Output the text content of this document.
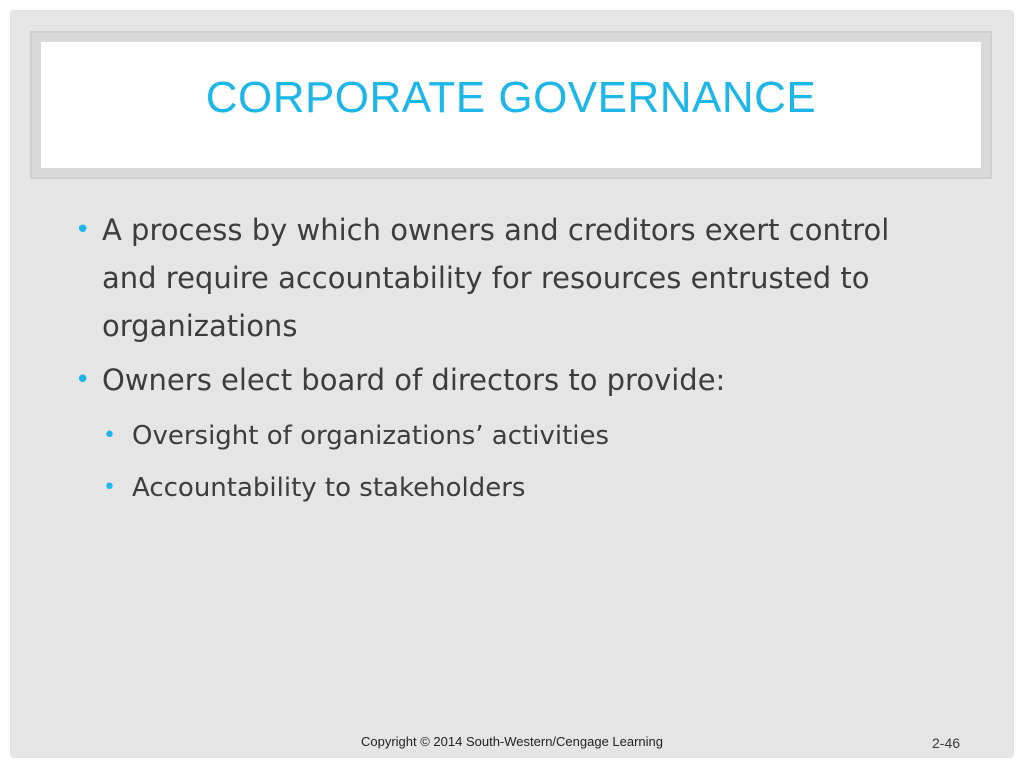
CORPORATE GOVERNANCE
• A process by which owners and creditors exert control and require accountability for resources entrusted to organizations
• Owners elect board of directors to provide:
• Oversight of organizations’ activities
• Accountability to stakeholders
Copyright © 2014 South-Western/Cengage Learning	2-46
